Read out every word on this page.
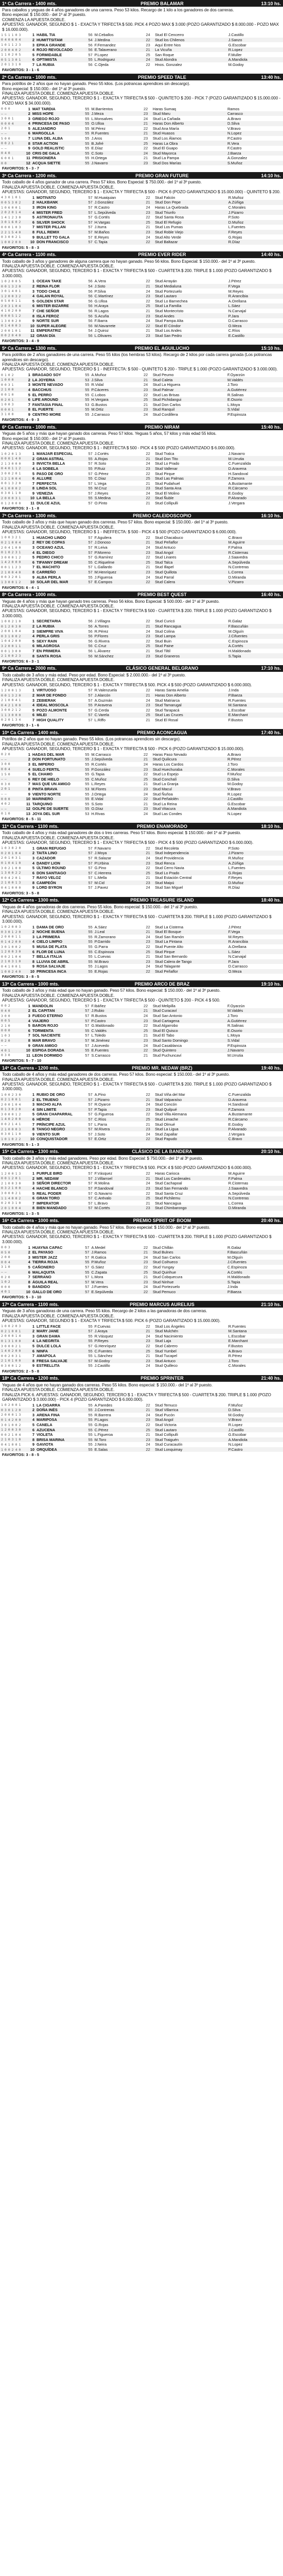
1ª Ca Carrera - 1400 mts.	PREMIO BALAMAR	13:10 hs.
Para caballos y yeguas de 4 años ganadores de una carrera. Peso 53 kilos. Recargo de 1 kilo a los ganadores de dos carreras.
Bono especial: $ 150.000.- del 1º al 3º puesto.
COMIENZA LA APUESTA DOBLE.
APUESTAS: GANADOR, SEGUNDO $ 1 - EXACTA Y TRIFECTA $ 500. PICK 4 POZO MAX $ 3.000 (POZO GARANTIZADO $ 8.000.000 - POZO MAX $ 16.000.000).
1 5 1 1 0 3	1	HABIL TIA	56	M.Ceballos	24	Stud El Cencerro	J.Castillo
0 4 0 6 0 4	2	HUMITTSITAM	54	J.Medina	22	Stud los Chilenos	J.Sanzo
1 0 1 1 2 3	3	EPIKA GRANDE	56	F.Fernandez	23	Aquí Entre Nos	G.Escobar
2 0 0 4 0 2	4	ROJO REVOLCADO	56	E.Talaverano	21	La Vicuña	R.Lopez
1 1 0 2 0 5	5	FORMIDABLE	57	P.Lopez	25	San Roque	F.Muller
0 5 1 3 0 1	6	OPTIMISTA	55	L.Rodriguez	24	Stud Alondra	A.Mandiola
2 0 1 3 1 0	7	LA RUBIA	56	C.Ojeda	22	Hnos. Gonzalez	M.Godoy
FAVORITOS: 3 - 1 - 6
2ª Ca Carrera - 1000 mts.	PREMIO SPEED TALE	13:40 hs.
Para potrillos de 2 años que no hayan ganado. Peso 55 kilos. (Los potrancas aprendices sin descargo).
Bono especial: $ 150.000.- del 1º al 3º puesto.
FINALIZA APUESTA DOBLE. COMIENZA APUESTA DOBLE.
APUESTAS: GANADOR, SEGUNDO, TERCERO $ 1 - EXACTA Y TRIFECTA $ 500 - QUINTETO $ 200 - PICK 7 (POZO GARANTIZADO $ 15.000.000 - POZO MAX $ 34.000.000).
0 0 0	1	MAT TARDIA	55	M.Barrientos	22	Haras Sumaq	Ramos
— —	2	MISS HOPE	55	J.Meza	23	Stud Maru	Carrasco
3 0 0 1	3	GRIEGO ROJO	55	L.Monsalves	24	Stud La Cañada	A.Bravo
0 0 0 4	4	PRINCESA DE PASO	55	O.Ulloa	21	Haras Don Alberto	D.Silva
2 0 1	5	ALEJANDRO	55	M.Pérez	22	Stud Ana María	V.Bravo
— —	6	MARGOLLA	55	R.Fuentes	21	Stud Huasos	N.Lopez
5 0 0	7	LUNA DEL ALBA	55	J.Aros	23	Stud Los Álamos	P.Castro
0 0 2 1	8	STAR ACTION	55	B.Jofré	25	Haras La Obra	R.Vera
— —	9	GOLD REALISTIC	55	E.Díaz	22	Stud El Guapo	F.Castro
0 4 0	10	CRIS DE GALA	55	C.Soto	24	Stud Mayorca	J.Baeza
6 0 0 1	11	PRISIONERA	55	H.Ortega	21	Stud La Pampa	A.Gonzalez
0 0	12	ACQUA SIETTE	55	J.Navarro	23	Stud Dos Marías	S.Muñoz
FAVORITOS: 5 - 3 - 7
3ª Ca Carrera - 1200 mts.	PREMIO GRAN FUTURE	14:10 hs.
Todo caballo de 4 años ganador de una carrera. Peso 57 kilos. Bono Especial: $ 750.000.- del 1º al 3º puesto.
FINALIZA APUESTA DOBLE. COMIENZA APUESTA DOBLE.
APUESTAS: GANADOR, SEGUNDO, TERCERO $ 1 - EXACTA Y TRIFECTA $ 500 - PICK 6 (POZO GARANTIZADO $ 15.000.000) - QUINTETO $ 200.
4 3 0 1 0 1	1	MOTIVATO	57	M.Huaiquian	22	Stud Falcón	R.Muñoz
0 0 5 3 0 2	2	HALKBANK	57	J.González	21	Stud Don Pepe	A.Zúñiga
1 0 6 0 0 1	3	IRON KING	57	R.Castro	24	Haras La Quebrada	C.Morales
2 0 2 0 1 4	4	MISTER FRED	57	L.Sepúlveda	23	Stud Triunfo	J.Pizarro
1 4 1 2 3 0	5	ASTRONAUTA	57	G.Cortés	22	Stud Santa Rosa	P.Soto
3 0 1 6 0 2	6	SILVER SHOCK	57	H.Vargas	25	Stud El Refugio	D.Muñoz
0 0 0 1 0 3	7	MISTER PILLAN	57	J.Iturra	21	Stud Los Pumas	L.Fuentes
2 2 1 5 4 0	8	FULL REMIX	57	M.Baños	23	Stud Roble Viejo	F.Reyes
0 3 0 0 2 1	9	BULLET TO GALA	57	E.Reyes	24	Stud Alto Verde	G.Rojas
1 0 0 2 0 0	10	DON FRANCISCO	57	C.Tapia	22	Stud Baltazar	R.Díaz
FAVORITOS: 5 - 8 - 3
4ª Ca Carrera - 1100 mts.	PREMIO EVER RIDER	14:40 hs.
Todo caballo de 3 años y ganadores de alguna carrera que no hayan ganado. Peso 56 kilos. Bono Especial: $ 150.000.- del 1º al 3º puesto.
FINALIZA APUESTA DOBLE. COMIENZA APUESTA DOBLE.
APUESTAS: GANADOR, SEGUNDO, TERCERO $ 1 - EXACTA Y TRIFECTA $ 500 - CUARTETA $ 200. TRIPLE $ 1.000 (POZO GARANTIZADO $ 3.000.000).
1 0 2 0 0 5	1	OCEAN TAKE	56	A.Vera	22	Stud Arrayán	J.Pérez
0 0 1 3 2 0	2	REINA FLOR	54	J.Soto	21	Stud Medialuna	F.Vega
3 0 1 4 0 1	3	TODO CHILE	56	P.Silva	24	Stud Portezuelo	M.Reyes
1 2 0 0 3 2	4	GALAN ROYAL	56	C.Martínez	23	Stud Lautaro	R.Arancibia
0 5 0 0 1 1	5	GOLDEN STAR	56	G.Ulloa	22	Stud Lo Barnechea	A.Orellana
2 0 3 1 0 4	6	MISTER BIZARRE	56	H.Araya	25	Stud La Familia	L.Sáez
4 1 0 2 0 0	7	CHE SEÑOR	56	R.Lagos	21	Stud Montecristo	N.Carvajal
0 0 0 5 1 2	8	ISLA FEROZ	56	S.Acuña	23	Stud Andes	P.Jara
1 3 0 0 2 0	9	NORTE SUR	56	F.Ibarra	24	Stud Pampa Alta	D.Carrasco
0 1 4 0 0 3	10	SUPER ALEGRE	56	M.Navarrete	22	Stud El Cóndor	O.Meza
2 0 0 1 0 1	11	EMPERATRIZ	54	J.Quiroz	21	Stud Los Andes	C.Ríos
0 0 2 0 4 0	12	GRAN DÍA	56	L.Olivares	23	Stud San Pedro	E.Castillo
FAVORITOS: 3 - 4 - 9
5ª Ca Carrera - 1300 mts.	PREMIO EL AGUILUCHO	15:10 hs.
Para potrillos de 2 años ganadores de una carrera. Peso 55 kilos (los hembras 53 kilos). Recargo de 2 kilos por cada carrera ganada (Los potrancas aprendices sin descargo).
FINALIZA APUESTA DOBLE. COMIENZA APUESTA DOBLE.
APUESTAS: GANADOR, SEGUNDO, TERCERO $ 1 - INEFFECTA: $ 500 - QUINTETO $ 200 - TRIPLE $ 1.000 (POZO GARANTIZADO $ 3.000.000).
0 1 0 2	1	BRAGADO SOY	55	A.Muñoz	22	Stud Peumo	F.Oyarzún
1 0 0 0	2	LA JOYERIA	53	J.Silva	21	Stud Caleta	M.Valdés
0 0 3 1	3	MONTE NEVADO	55	R.Vidal	24	Stud La Higuera	J.Toro
2 1 0 0	4	BACCHUS	55	P.Cáceres	23	Stud Palmar	A.Gutiérrez
0 0 1 0	5	EL PERRO	55	C.Lobos	22	Stud Las Brisas	R.Salinas
0 2 0 1	6	LIFE AROUND	55	H.Vergara	25	Stud Pichidangui	E.Osorio
1 0 0 3	7	FANTASIA FINAL	53	G.Bustos	21	Stud Don Carlos	L.Moya
0 0 0 1	8	EL FUERTE	55	M.Ortiz	23	Stud Ranquil	S.Vidal
3 1 0 0	9	CENTRO MORE	55	J.Carrasco	24	Stud Cordillera	P.Espinoza
FAVORITOS: 4 - 9 - 3
6ª Ca Carrera - 1000 mts.	PREMIO NIRAM	15:40 hs.
Yeguas de 5 años y más que hayan ganado dos carreras. Peso 57 kilos. Yeguas 5 años, 57 kilos y más edad 55 kilos.
Bono especial: $ 150.000.- del 1º al 3º puesto.
FINALIZA APUESTA DOBLE. COMIENZA APUESTA DOBLE.
APUESTAS: GANADOR, SEGUNDO, TERCERO $ 1 - INEFFECTA $ 500 - PICK 4 $ 500 (POZO GARANTIZADO $ 6.000.000).
1 0 2 0 1 3	1	MANJAR ESPECIAL	57	J.Cortés	22	Stud Tralca	J.Navarro
0 0 0 1 4 0	2	GRAN ASTRAL	55	A.Rojas	21	Stud Don Tito	M.Urrutia
2 1 3 0 0 0	3	INVICTA BELLA	57	R.Soto	24	Stud Lo Prado	C.Fuenzalida
0 4 0 1 1 2	4	LA SOBELA	55	P.Ruiz	23	Stud Vallenar	D.Aravena
3 0 0 2 0 1	5	PASO DE ORO	57	G.Pérez	22	Stud Pirque	H.Sandoval
1 2 1 0 0 4	6	ALLURE	55	C.Diaz	25	Stud Las Palmas	F.Zamora
0 0 1 3 2 0	7	PERFECTA	57	L.Vega	21	Stud Pudahuel	A.Bustamante
4 1 0 0 0 2	8	LINDA SOL	55	M.Cruz	23	Stud Santa Ana	R.Cárcamo
0 3 0 1 1 0	9	VENEZIA	57	J.Reyes	24	Stud El Molino	E.Godoy
2 0 0 0 3 1	10	LA BELLA	55	S.Medina	22	Stud Ñuble	P.Alvarado
0 1 2 0 0 0	11	DULCE AZUL	57	O.Pinto	21	Stud Collipulli	J.Vergara
FAVORITOS: 3 - 1 - 8
7ª Ca Carrera - 1300 mts.	PREMIO CALEIDOSCOPIO	16:10 hs.
Todo caballo de 3 años y más que hayan ganado dos carreras. Peso 57 kilos. Bono especial: $ 150.000.- del 1º al 3º puesto.
FINALIZA APUESTA DOBLE. COMIENZA APUESTA DOBLE.
APUESTAS: GANADOR, SEGUNDO, TERCERO $ 1 - INEFFECTA: $ 500 - PICK 4 $ 500 (POZO GARANTIZADO $ 6.000.000).
1 0 0 3 2 1	1	HUACHO LINDO	57	F.Aguilera	22	Stud Chacabuco	C.Bravo
0 2 1 0 0 4	2	REY DE COPAS	57	J.Donoso	21	Stud Peñaflor	M.Aguirre
2 0 4 1 0 0	3	OCEANO AZUL	57	R.Leiva	24	Stud Antuco	F.Palma
0 1 0 2 3 1	4	EL DIEGO	57	P.Moreno	23	Stud Angol	R.Cisternas
3 0 0 0 1 2	5	PEDRO CHICO	57	G.Ramírez	22	Stud Linares	J.Saavedra
1 4 2 0 0 0	6	TIFANNY DREAM	55	C.Riquelme	25	Stud Talca	A.Sepúlveda
0 0 1 1 2 3	7	EL MACHITO	57	L.Gallardo	21	Stud Illapel	N.Contreras
2 1 0 0 4 0	8	CARREÑO	57	M.Henríquez	23	Stud Quillota	L.Correa
0 0 3 2 0 1	9	ALBA PERLA	55	J.Figueroa	24	Stud Parral	D.Miranda
1 3 0 0 1 2	10	SOLAR DEL MAR	57	E.Campos	22	Stud Calera	V.Pizarro
FAVORITOS: 6 - 4 - 1
8ª Ca Carrera - 1000 mts.	PREMIO BEST QUEST	16:40 hs.
Yeguas de 4 años y más que hayan ganado tres carreras. Peso 56 kilos. Bono Especial: $ 500.000.- del 1º al 3º puesto.
FINALIZA APUESTA DOBLE. COMIENZA APUESTA DOBLE.
APUESTAS: GANADOR, SEGUNDO, TERCERO $ 1 - EXACTA Y TRIFECTA $ 500 - CUARTETA $ 200. TRIPLE $ 1.000 (POZO GARANTIZADO $ 3.000.000).
1 0 0 2 1 0	1	SECRETARIA	56	J.Villagra	22	Stud Curicó	R.Galaz
0 1 2 0 3 0	2	LA RUBIA	56	A.Torres	21	Stud Rancagua	F.Bascuñán
2 0 0 1 0 4	3	SIEMPRE VIVA	56	R.Pérez	24	Stud Colina	M.Olguín
0 3 1 0 0 2	4	PERLA GRIS	56	P.Flores	23	Stud Lampa	J.Cifuentes
1 0 4 2 0 0	5	SEXY RAIN	56	G.Rivera	22	Stud Buin	C.Espinoza
3 2 0 0 1 1	6	MILAGROSA	56	C.Cruz	25	Stud Paine	A.Cortés
0 0 1 3 0 0	7	EN PRIMERA	56	L.Álvarez	21	Stud Tiltil	H.Maldonado
2 1 0 0 2 3	8	SANTA ROSA	56	M.Sánchez	23	Stud Graneros	S.Tapia
FAVORITOS: 6 - 3 - 1
9ª Ca Carrera - 2000 mts.	CLÁSICO GENERAL BELGRANO	17:10 hs.
Todo caballo de 3 años y más edad. Peso por edad. Bono Especial: $ 2.000.000.- del 1º al 3º puesto.
FINALIZA APUESTA DOBLE. COMIENZA APUESTA DOBLE.
APUESTAS: GANADOR, SEGUNDO, TERCERO $ 1 - EXACTA Y TRIFECTA $ 500. PICK 4 $ 500 (POZO GARANTIZADO $ 6.000.000).
1 2 0 0 1 3	1	VIRTUOSO	57	R.Valenzuela	22	Haras Santa Amelia	J.Inda
0 0 1 3 2 0	2	MAR DE FONDO	57	J.Alarcón	21	Haras Don Alberto	P.Baeza
2 1 0 0 4 1	3	ZEBIERAK	57	A.Guzmán	24	Stud Matriarca	R.Fuentes
0 4 2 1 0 0	4	IDEAL MOSCOLA	55	P.Aravena	23	Stud Tamarugal	M.Santana
3 0 0 2 1 2	5	POZO ALMONTE	57	G.Cerda	22	Stud Tarapacá	L.Escobar
1 1 3 0 0 0	6	MILEI	57	C.Varela	25	Stud Las Cruces	E.Marchant
0 2 0 1 3 4	7	HIGH QUALITY	57	L.Riffo	21	Stud El Rosal	F.Bustos
FAVORITOS: 3 - 1 - 6
10ª Ca Carrera - 1400 mts.	PREMIO ACONCAGUA	17:40 hs.
Potrillos de 2 años que no hayan ganado. Peso 55 kilos. (Los potrancas aprendices sin descargo).
FINALIZA APUESTA DOBLE. COMIENZA APUESTA DOBLE.
APUESTAS: GANADOR, SEGUNDO, TERCERO $ 1 - EXACTA Y TRIFECTA $ 500 - PICK 6 (POZO GARANTIZADO $ 15.000.000).
0 2 0	1	HADAS DEL MAR	55	M.Carrasco	22	Haras Paso Nevado	A.Bravo
— —	2	DON FORTUNATO	55	J.Sepúlveda	21	Stud Quilicura	R.Pérez
3 0 0	3	EL IMPERIO	55	R.Cortés	24	Haras Los Cardos	J.Toro
0 0 4	4	SUELO FERTIL	55	P.González	23	Stud Huechuraba	C.Morales
1 5 0	5	EL CHAMO	55	G.Tapia	22	Stud Lo Espejo	F.Muñoz
— —	6	REY DE HIELO	55	C.Muñoz	25	Stud Conchalí	D.Silva
0 3 0	7	MAS QUE UN AMIGO	55	L.Reyes	21	Stud La Granja	M.Godoy
2 0 1	8	PINTA BRAVA	53	M.Flores	23	Stud Macul	V.Bravo
— —	9	VIENTO NORTE	55	J.Ortega	24	Stud Ñuñoa	R.Lopez
0 0 0	10	MARINERO	55	E.Vidal	22	Stud Peñalolén	J.Castillo
4 0 2	11	TARQUINO	55	S.Soto	21	Stud La Reina	G.Escobar
— —	12	GOLPE DE SUERTE	55	O.Díaz	23	Stud Vitacura	A.Mandiola
0 1 0	13	JOYA DEL SUR	53	H.Rivas	24	Stud Las Condes	N.Lopez
FAVORITOS: 8 - 5 - 11
11ª Ca Carrera - 1100 mts.	PREMIO ENAMORADO	18:10 hs.
Todo caballo de 4 años y más edad ganadores de dos o tres carreras. Peso 57 kilos. Bono especial: $ 150.000.- del 1º al 3º puesto.
FINALIZA APUESTA DOBLE. COMIENZA APUESTA DOBLE.
APUESTAS: GANADOR, SEGUNDO, TERCERO $ 1 - EXACTA Y TRIFECTA $ 500 - PICK 4 $ 500 (POZO GARANTIZADO $ 6.000.000).
1 0 3 0 2 0	1	GRAN REFUGIO	57	F.Navarro	22	Stud Recoleta	P.Soto
0 2 0 1 0 4	2	TAITA LINO	57	J.Moya	21	Stud Independencia	J.Pizarro
2 0 1 0 3 1	3	CAZADOR	57	R.Salazar	24	Stud Providencia	R.Muñoz
0 1 0 4 1 0	4	DANDY LION	57	P.Urbina	23	Stud Renca	A.Zúñiga
3 0 2 1 0 0	5	ÚLTIMO ROUND	57	G.Pino	22	Stud Cerro Navia	L.Fuentes
1 3 0 0 2 2	6	DON SANTIAGO	57	C.Herrera	25	Stud Lo Prado	G.Rojas
0 0 4 2 0 1	7	RAYO VELOZ	57	L.Mella	21	Stud Estación Central	F.Reyes
2 1 0 0 1 3	8	CAMPEÓN	57	M.Cid	23	Stud Maipú	D.Muñoz
0 4 1 0 0 0	9	LORD BYRON	57	J.Pavez	24	Stud San Miguel	R.Díaz
FAVORITOS: 3 - 5 - 8
12ª Ca Carrera - 1300 mts.	PREMIO TREASURE ISLAND	18:40 hs.
Yeguas de 4 años ganadoras de dos carreras. Peso 55 kilos. Bono especial: $ 150.000.- del 1º al 3º puesto.
FINALIZA APUESTA DOBLE. COMIENZA APUESTA DOBLE.
APUESTAS: GANADOR, SEGUNDO, TERCERO $ 1 - EXACTA Y TRIFECTA $ 500 - CUARTETA $ 200. TRIPLE $ 1.000 (POZO GARANTIZADO $ 3.000.000).
1 0 2 0 0 3	1	DAMA DE ORO	55	A.Sáez	22	Stud La Cisterna	J.Pérez
0 3 0 1 2 0	2	NOCHE BUENA	55	J.Leal	21	Stud El Bosque	F.Vega
2 0 0 0 1 1	3	LA PRIMERA	55	R.Zamorano	24	Stud San Ramón	M.Reyes
0 1 4 2 0 0	4	CIELO LIMPIO	55	P.Garrido	23	Stud La Pintana	R.Arancibia
3 0 1 0 0 2	5	MUSA DE PLATA	55	G.Parra	22	Stud Puente Alto	A.Orellana
1 2 0 0 3 0	6	FLOR DE LUNA	55	C.Espinoza	25	Stud Pirque	L.Sáez
0 0 2 1 0 4	7	BELLA ITALIA	55	L.Cuevas	21	Stud San Bernardo	N.Carvajal
2 1 0 3 1 0	8	LLUVIA DE ABRIL	55	M.Bravo	23	Stud Calera de Tango	P.Jara
0 4 1 0 0 1	9	ROSA SALVAJE	55	J.Lagos	24	Stud Talagante	D.Carrasco
1 0 0 2 4 0	10	PRINCESA INCA	55	E.Rojas	22	Stud Peñaflor	O.Meza
FAVORITOS: 3 - 8 - 5
13ª Ca Carrera - 1000 mts.	PREMIO ARCO DE BRAZ	19:10 hs.
Todo caballo de 3 años y más edad que no hayan ganado. Peso 57 kilos. Bono especial: $ 150.000.- del 1º al 3º puesto.
FINALIZA APUESTA DOBLE. COMIENZA APUESTA DOBLE.
APUESTAS: GANADOR, SEGUNDO, TERCERO $ 1 - EXACTA Y TRIFECTA $ 500 - QUINTETO $ 200 - PICK 4 $ 500.
0 0 2	1	MANDOLIN	57	F.Ibáñez	22	Stud Melipilla	F.Oyarzún
0 4 0	2	EL CAPITAN	57	J.Rubio	21	Stud Curacaví	M.Valdés
3 0 0	3	FUEGO ETERNO	57	R.Bustos	24	Stud San Antonio	J.Toro
0 0 5	4	VIAJERO	57	P.Castro	23	Stud Cartagena	A.Gutiérrez
2 1 0	5	BARON ROJO	57	G.Maldonado	22	Stud Algarrobo	R.Salinas
0 0 0	6	TORMENTA	55	C.Valdés	25	Stud El Quisco	E.Osorio
1 0 3	7	SOL NACIENTE	57	L.Toledo	21	Stud El Tabo	L.Moya
0 2 0	8	MAR BRAVO	57	M.Jiménez	23	Stud Santo Domingo	S.Vidal
— —	9	GRAN AMIGO	57	J.Acevedo	24	Stud Casablanca	P.Espinoza
4 0 1	10	ESPIGA DORADA	55	E.Fuentes	22	Stud Quintero	J.Navarro
0 3 0	11	LEON DORMIDO	57	S.Carrasco	21	Stud Puchuncaví	M.Urrutia
FAVORITOS: 5 - 7 - 10
14ª Ca Carrera - 1200 mts.	PREMIO MR. NEDAW (BRZ)	19:40 hs.
Todo caballo de 4 años y más edad ganadores de dos carreras. Peso 57 kilos. Bono especial: $ 150.000.- del 1º al 3º puesto.
FINALIZA APUESTA DOBLE. COMIENZA APUESTA DOBLE.
APUESTAS: GANADOR, SEGUNDO, TERCERO $ 1 - EXACTA Y TRIFECTA $ 500 - CUARTETA $ 200. TRIPLE $ 1.000 (POZO GARANTIZADO $ 3.000.000).
1 0 0 2 3 0	1	RUBIO DE ORO	57	A.Pino	22	Stud Viña del Mar	C.Fuenzalida
0 2 1 0 0 1	2	EL TRUENO	57	J.Pizarro	21	Stud Valparaíso	D.Aravena
2 0 0 1 0 4	3	MACHO ALFA	57	R.Oyarce	24	Stud Concón	H.Sandoval
0 1 3 0 2 0	4	SIN LIMITE	57	P.Tapia	23	Stud Quilpué	F.Zamora
3 0 0 0 1 2	5	GRAN CHAPARRAL	57	G.Figueroa	22	Stud Villa Alemana	A.Bustamante
1 4 0 2 0 0	6	HÉROE	57	C.Ríos	25	Stud Limache	R.Cárcamo
0 0 2 1 4 1	7	PRÍNCIPE AZUL	57	L.Parra	21	Stud Olmué	E.Godoy
2 1 0 0 0 3	8	TANGO NEGRO	57	M.Rivera	23	Stud La Ligua	P.Alvarado
0 3 0 1 1 0	9	VIENTO SUR	57	J.Soto	24	Stud Zapallar	J.Vergara
1 0 1 0 2 2	10	CONQUISTADOR	57	E.Ortiz	22	Stud Papudo	C.Bravo
FAVORITOS: 5 - 1 - 3
15ª Ca Carrera - 1300 mts.	CLÁSICO DE LA BANDERA	20:10 hs.
Todo caballo de 3 años y más edad ganadores. Peso por edad. Bono Especial: $ 750.000.- del 1º al 3º puesto.
FINALIZA APUESTA DOBLE. COMIENZA APUESTA DOBLE.
APUESTAS: GANADOR, SEGUNDO, TERCERO $ 1 - EXACTA Y TRIFECTA $ 500. PICK 4 $ 500 (POZO GARANTIZADO $ 6.000.000).
1 2 0 0 1 3	1	PURPLE BIRD	57	F.Vásquez	22	Haras Carioca	M.Aguirre
0 0 1 2 0 1	2	MR. NEDAW	57	J.Villarroel	21	Stud Los Cardenales	F.Palma
2 1 0 0 3 0	3	SEÑOR DIRECTOR	57	R.Molina	24	Stud Cachapoal	R.Cisternas
0 3 2 1 0 0	4	HACHE BLANCO	57	P.Sandoval	23	Stud San Fernando	J.Saavedra
3 0 0 0 2 1	5	REAL PODER	57	G.Navarro	22	Stud Santa Cruz	A.Sepúlveda
1 1 4 0 0 2	6	GRAN TORO	57	C.Arévalo	25	Stud Pichilemu	N.Contreras
0 2 0 3 1 0	7	IMPERATOR	57	L.Bravo	21	Stud Nancagua	L.Correa
2 0 1 0 0 4	8	BIEN MANDADO	57	M.Cortés	23	Stud Chimbarongo	D.Miranda
FAVORITOS: 1 - 3 - 5
16ª Ca Carrera - 1000 mts.	PREMIO SPIRIT OF BOOM	20:40 hs.
Todo caballo de 4 años y más que no hayan ganado. Peso 57 kilos. Bono especial: $ 150.000.- del 1º al 3º puesto.
FINALIZA APUESTA DOBLE. COMIENZA APUESTA DOBLE.
APUESTAS: GANADOR, SEGUNDO, TERCERO $ 1 - EXACTA Y TRIFECTA $ 500 - CUARTETA $ 200. TRIPLE $ 1.000 (POZO GARANTIZADO $ 3.000.000).
0 0 3	1	HUAYNA CAPAC	57	A.Medel	22	Stud Chillán	R.Galaz
0 5 0	2	EL PAYASO	57	J.Ramos	21	Stud Bulnes	F.Bascuñán
2 0 0	3	MISTER JAZZ	57	R.Gatica	24	Stud San Carlos	M.Olguín
0 0 4	4	TIERRA ROJA	55	P.Muñoz	23	Stud Coihueco	J.Cifuentes
3 1 0	5	CAÑONERO	57	G.Sáez	22	Stud Yungay	C.Espinoza
— —	6	MALAQUITA	55	C.Zapata	25	Stud Quirihue	A.Cortés
0 2 0	7	SERRANO	57	L.Mora	21	Stud Cobquecura	H.Maldonado
1 0 2	8	ÁGUILA REAL	57	M.Vera	23	Stud Ninhue	S.Tapia
0 0 0	9	BANDIDO	57	J.Fuentes	24	Stud Portezuelo	J.Inda
4 0 1	10	GALLO DE ORO	57	E.Sepúlveda	22	Stud Pemuco	P.Baeza
FAVORITOS: 5 - 3 - 10
17ª Ca Carrera - 1100 mts.	PREMIO MARCUS AURELIUS	21:10 hs.
Yeguas de 3 años ganadoras de una carrera. Peso 55 kilos. Recargo de 2 kilos a las ganadoras de dos carreras.
FINALIZA APUESTA DOBLE. COMIENZA APUESTA DOBLE.
APUESTAS: GANADOR, SEGUNDO $ 1 - EXACTA Y TRIFECTA $ 500. PICK 6 (POZO GARANTIZADO $ 15.000.000).
1 0 0 2 0 3	1	LITTLE FACE	55	F.Cuevas	22	Stud Los Ángeles	R.Fuentes
0 2 1 0 0 1	2	MARY JANE	57	J.Araya	21	Stud Mulchén	M.Santana
2 0 0 0 1 4	3	GRAN DAMA	55	R.Vásquez	24	Stud Nacimiento	L.Escobar
0 1 3 1 0 0	4	LA NEGRITA	55	P.Reyes	23	Stud Laja	E.Marchant
3 0 0 0 2 1	5	DULCE LOLA	57	G.Henríquez	22	Stud Cabrero	F.Bustos
1 4 0 2 0 0	6	NINFA	55	C.Fuentes	25	Stud Yumbel	A.Bravo
0 0 2 0 3 1	7	AMAPOLA	55	L.Sánchez	21	Stud Tucapel	R.Pérez
2 1 0 1 0 0	8	FRESA SALVAJE	57	M.Godoy	23	Stud Antuco	J.Toro
0 3 0 0 1 2	9	ESTRELLITA	55	J.Castillo	24	Stud Quilleco	C.Morales
FAVORITOS: 2 - 5 - 8
18ª Ca Carrera - 1200 mts.	PREMIO SPRINTER	21:40 hs.
Yeguas de 4 años que no hayan ganado dos carreras. Peso 55 kilos. Bono especial: $ 150.000.- del 1º al 3º puesto.
FINALIZA APUESTA DOBLE. COMIENZA APUESTA DOBLE.
FINALIZA PICK 6. APUESTAS: GANADOR, SEGUNDO, TERCERO $ 1 - EXACTA Y TRIFECTA $ 500 - CUARTETA $ 200. TRIPLE $ 1.000 (POZO GARANTIZADO $ 3.000.000) - PICK 4 (POZO GARANTIZADO $ 6.000.000).
1 0 2 0 0 1	1	LA CIGARRA	55	A.Paredes	22	Stud Temuco	F.Muñoz
0 3 0 1 2 0	2	DOÑA INÉS	55	J.Contreras	21	Stud Villarrica	D.Silva
2 0 0 0 1 3	3	ARENA FINA	55	R.Barrera	24	Stud Pucón	M.Godoy
0 1 4 2 0 0	4	MARIPOSA	55	P.Lagos	23	Stud Angol	V.Bravo
3 0 1 0 0 2	5	CANELA	55	G.Rojas	22	Stud Victoria	R.Lopez
1 2 0 0 3 0	6	AZUCENA	55	C.Pérez	25	Stud Lautaro	J.Castillo
0 0 2 1 0 4	7	VIOLETA	55	L.Figueroa	21	Stud Collipulli	G.Escobar
2 1 0 3 1 0	8	BRISA MARINA	55	M.Toro	23	Stud Traiguén	A.Mandiola
0 4 1 0 0 1	9	GAVIOTA	55	J.Neira	24	Stud Curacautín	N.Lopez
1 0 0 2 4 0	10	ORQUÍDEA	55	E.Salas	22	Stud Lonquimay	P.Castro
FAVORITOS: 3 - 8 - 5
